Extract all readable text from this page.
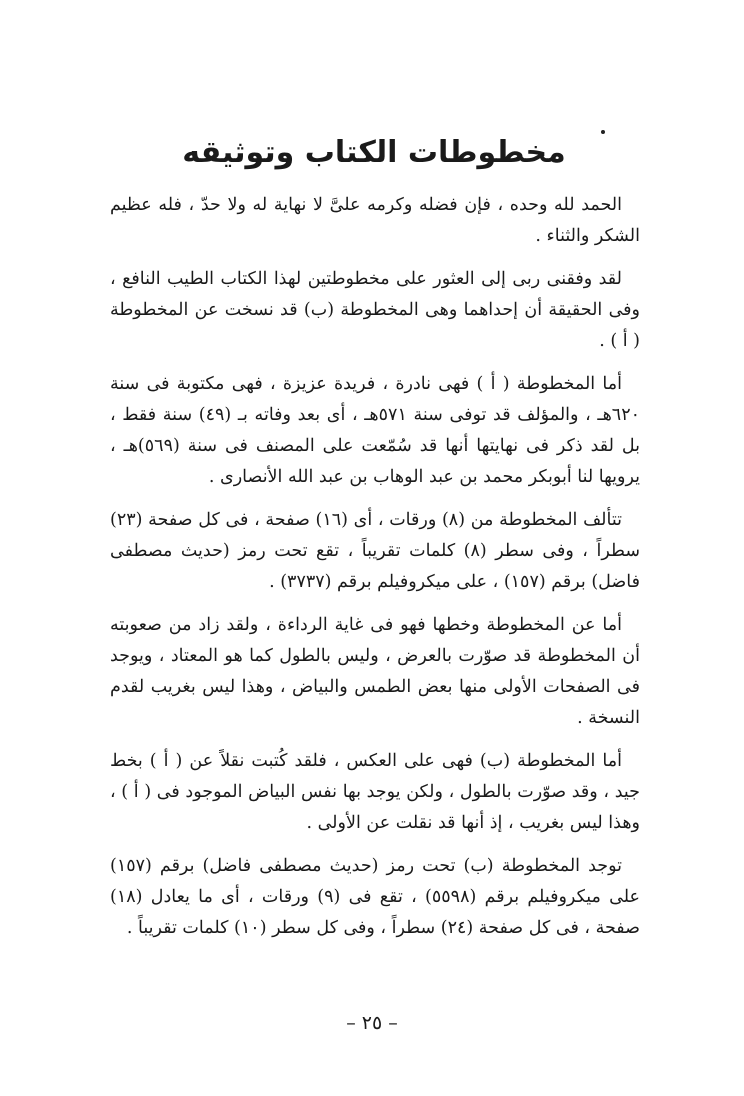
مخطوطات الكتاب وتوثيقه

الحمد لله وحده ، فإن فضله وكرمه علىَّ لا نهاية له ولا حدّ ، فله عظيم الشكر والثناء .

لقد وفقنى ربى إلى العثور على مخطوطتين لهذا الكتاب الطيب النافع ، وفى الحقيقة أن إحداهما وهى المخطوطة (ب) قد نسخت عن المخطوطة ( أ ) .

أما المخطوطة ( أ ) فهى نادرة ، فريدة عزيزة ، فهى مكتوبة فى سنة ٦٢٠هـ ، والمؤلف قد توفى سنة ٥٧١هـ ، أى بعد وفاته بـ (٤٩) سنة فقط ، بل لقد ذكر فى نهايتها أنها قد سُمّعت على المصنف فى سنة (٥٦٩)هـ ، يرويها لنا أبوبكر محمد بن عبد الوهاب بن عبد الله الأنصارى .

تتألف المخطوطة من (٨) ورقات ، أى (١٦) صفحة ، فى كل صفحة (٢٣) سطراً ، وفى سطر (٨) كلمات تقريباً ، تقع تحت رمز (حديث مصطفى فاضل) برقم (١٥٧) ، على ميكروفيلم برقم (٣٧٣٧) .

أما عن المخطوطة وخطها فهو فى غاية الرداءة ، ولقد زاد من صعوبته أن المخطوطة قد صوّرت بالعرض ، وليس بالطول كما هو المعتاد ، ويوجد فى الصفحات الأولى منها بعض الطمس والبياض ، وهذا ليس بغريب لقدم النسخة .

أما المخطوطة (ب) فهى على العكس ، فلقد كُتبت نقلاً عن ( أ ) بخط جيد ، وقد صوّرت بالطول ، ولكن يوجد بها نفس البياض الموجود فى ( أ ) ، وهذا ليس بغريب ، إذ أنها قد نقلت عن الأولى .

توجد المخطوطة (ب) تحت رمز (حديث مصطفى فاضل) برقم (١٥٧) على ميكروفيلم برقم (٥٥٩٨) ، تقع فى (٩) ورقات ، أى ما يعادل (١٨) صفحة ، فى كل صفحة (٢٤) سطراً ، وفى كل سطر (١٠) كلمات تقريباً .

– ٢٥ –
